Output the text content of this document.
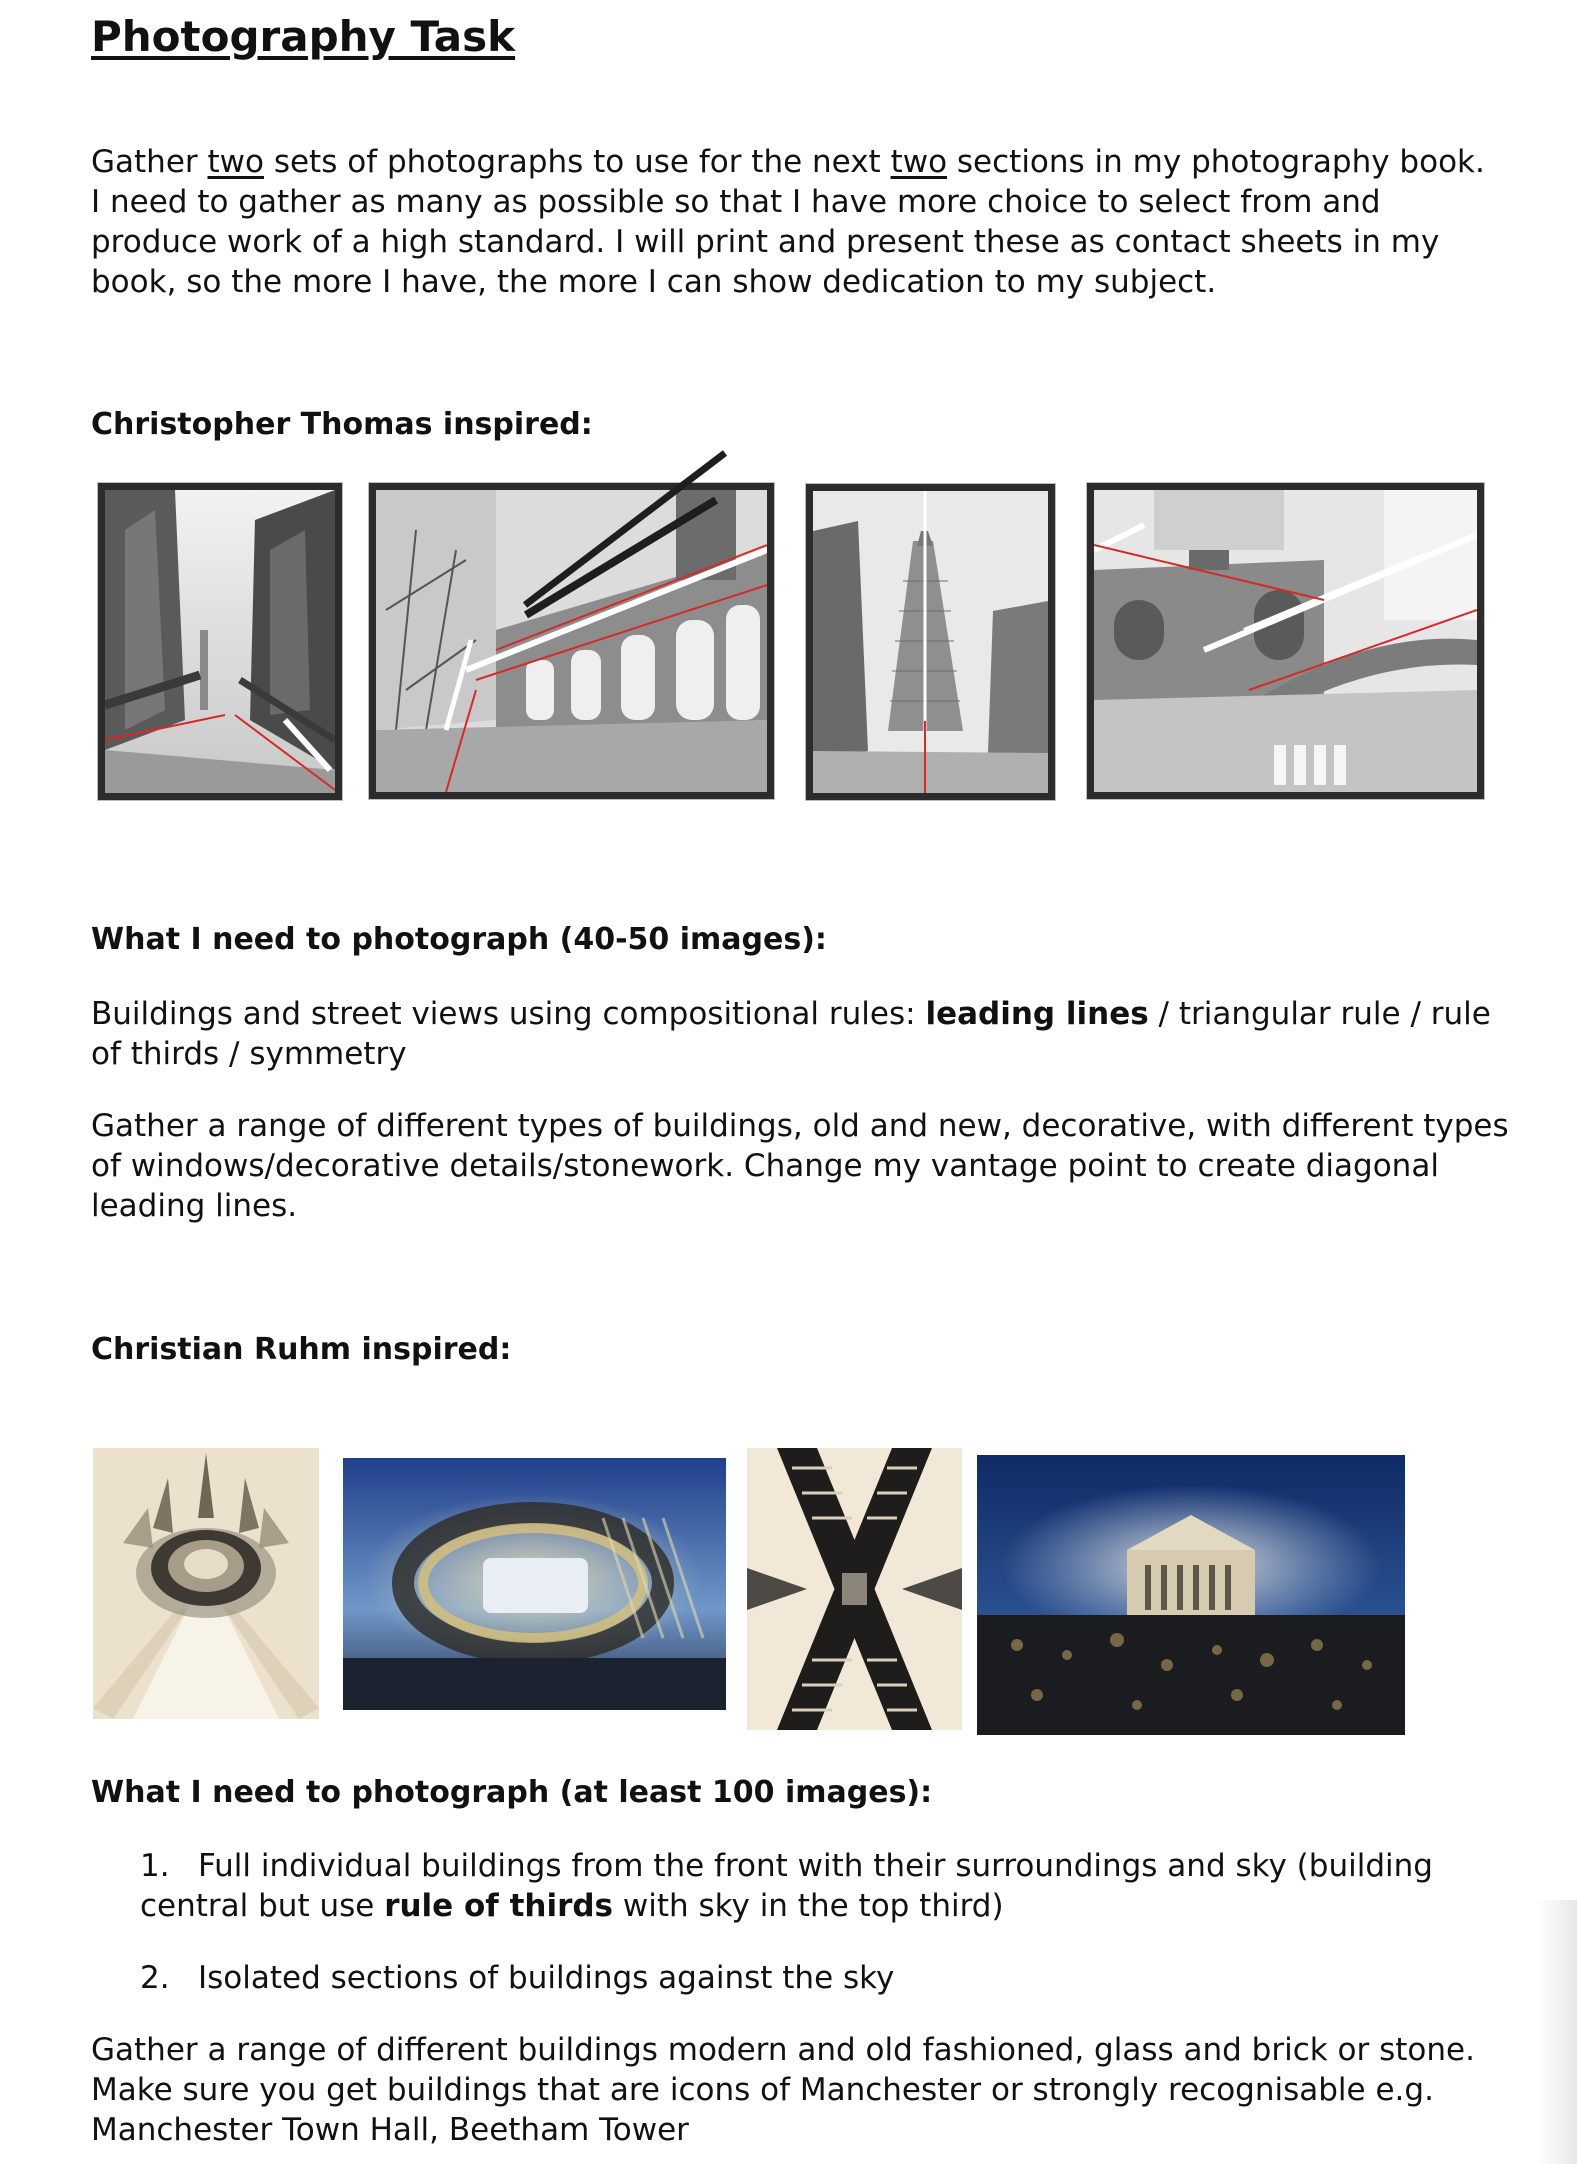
Photography Task

Gather two sets of photographs to use for the next two sections in my photography book. I need to gather as many as possible so that I have more choice to select from and produce work of a high standard. I will print and present these as contact sheets in my book, so the more I have, the more I can show dedication to my subject.

Christopher Thomas inspired:
What I need to photograph (40-50 images):

Buildings and street views using compositional rules: leading lines / triangular rule / rule of thirds / symmetry

Gather a range of different types of buildings, old and new, decorative, with different types of windows/decorative details/stonework. Change my vantage point to create diagonal leading lines.

Christian Ruhm inspired:
What I need to photograph (at least 100 images):
1. Full individual buildings from the front with their surroundings and sky (building central but use rule of thirds with sky in the top third)
2. Isolated sections of buildings against the sky

Gather a range of different buildings modern and old fashioned, glass and brick or stone. Make sure you get buildings that are icons of Manchester or strongly recognisable e.g. Manchester Town Hall, Beetham Tower
